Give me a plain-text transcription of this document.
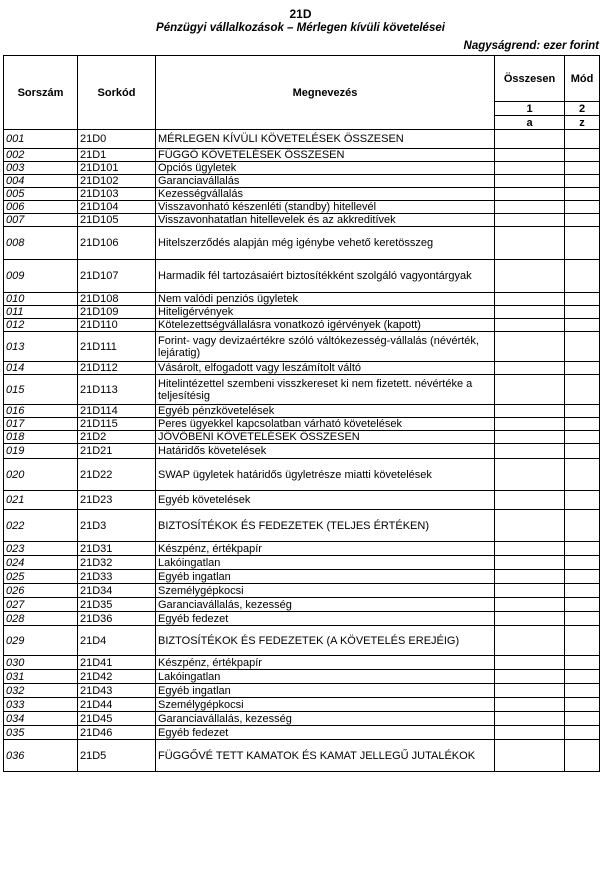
21D
Pénzügyi vállalkozások – Mérlegen kívüli követelései
Nagyságrend: ezer forint
Sorszám	Sorkód	Megnevezés	Összesen	Mód
			1	2
			a	z
001	21D0	MÉRLEGEN KÍVÜLI KÖVETELÉSEK ÖSSZESEN		
002	21D1	FÜGGŐ KÖVETELÉSEK ÖSSZESEN		
003	21D101	Opciós ügyletek		
004	21D102	Garanciavállalás		
005	21D103	Kezességvállalás		
006	21D104	Visszavonható készenléti (standby) hitellevél		
007	21D105	Visszavonhatatlan hitellevelek és az akkreditívek		
008	21D106	Hitelszerződés alapján még igénybe vehető keretösszeg		
009	21D107	Harmadik fél tartozásaiért biztosítékként szolgáló vagyontárgyak		
010	21D108	Nem valódi penziós ügyletek		
011	21D109	Hiteligérvények		
012	21D110	Kötelezettségvállalásra vonatkozó igérvények (kapott)		
013	21D111	Forint- vagy devizaértékre szóló váltókezesség-vállalás (névérték, lejáratig)		
014	21D112	Vásárolt, elfogadott vagy leszámítolt váltó		
015	21D113	Hitelintézettel szembeni visszkereset ki nem fizetett. névértéke a teljesítésig		
016	21D114	Egyéb pénzkövetelések		
017	21D115	Peres ügyekkel kapcsolatban várható követelések		
018	21D2	JÖVŐBENI KÖVETELÉSEK ÖSSZESEN		
019	21D21	Határidős követelések		
020	21D22	SWAP ügyletek határidős ügyletrésze miatti követelések		
021	21D23	Egyéb követelések		
022	21D3	BIZTOSÍTÉKOK ÉS FEDEZETEK (TELJES ÉRTÉKEN)		
023	21D31	Készpénz, értékpapír		
024	21D32	Lakóingatlan		
025	21D33	Egyéb ingatlan		
026	21D34	Személygépkocsi		
027	21D35	Garanciavállalás, kezesség		
028	21D36	Egyéb fedezet		
029	21D4	BIZTOSÍTÉKOK ÉS FEDEZETEK (A KÖVETELÉS EREJÉIG)		
030	21D41	Készpénz, értékpapír		
031	21D42	Lakóingatlan		
032	21D43	Egyéb ingatlan		
033	21D44	Személygépkocsi		
034	21D45	Garanciavállalás, kezesség		
035	21D46	Egyéb fedezet		
036	21D5	FÜGGŐVÉ TETT KAMATOK ÉS KAMAT JELLEGŰ JUTALÉKOK		
